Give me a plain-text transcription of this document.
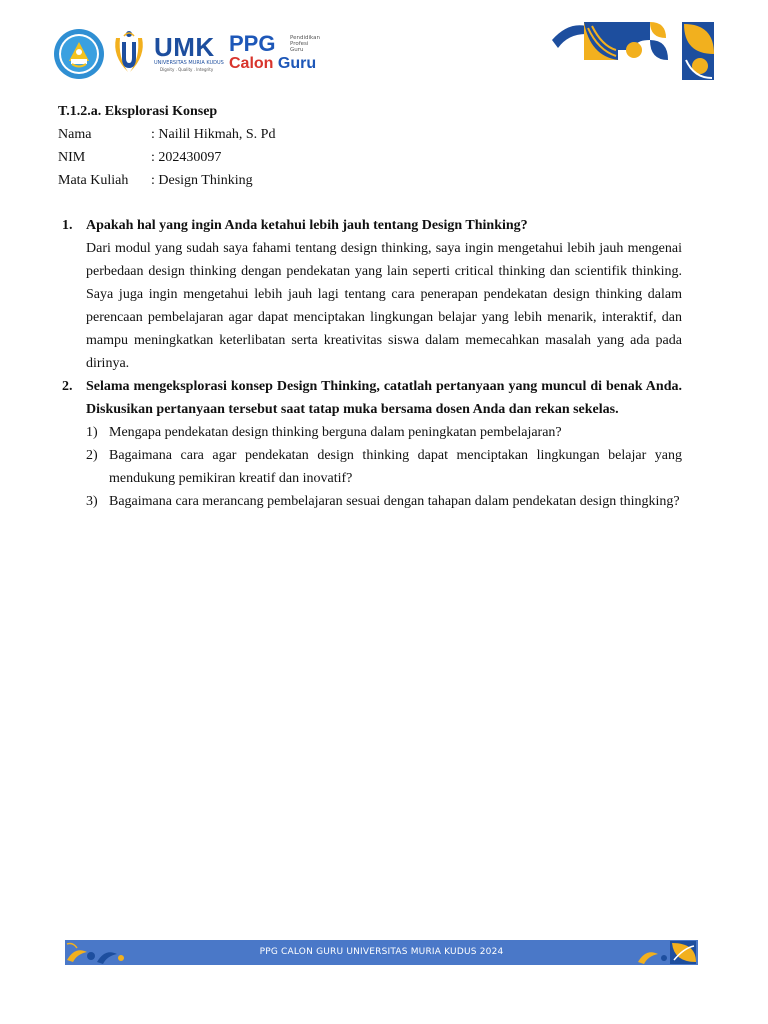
UMK
UNIVERSITAS MURIA KUDUS
Dignity . Quality . Integrity
PPG	Pendidikan
Profesi
Guru
Calon Guru
T.1.2.a. Eksplorasi Konsep
Nama	: Nailil Hikmah, S. Pd
NIM	: 202430097
Mata Kuliah	: Design Thinking
1. Apakah hal yang ingin Anda ketahui lebih jauh tentang Design Thinking?
Dari modul yang sudah saya fahami tentang design thinking, saya ingin mengetahui lebih jauh mengenai perbedaan design thinking dengan pendekatan yang lain seperti critical thinking dan scientifik thinking. Saya juga ingin mengetahui lebih jauh lagi tentang cara penerapan pendekatan design thinking dalam perencaan pembelajaran agar dapat menciptakan lingkungan belajar yang lebih menarik, interaktif, dan mampu meningkatkan keterlibatan serta kreativitas siswa dalam memecahkan masalah yang ada pada dirinya.
2. Selama mengeksplorasi konsep Design Thinking, catatlah pertanyaan yang muncul di benak Anda. Diskusikan pertanyaan tersebut saat tatap muka bersama dosen Anda dan rekan sekelas.
1) Mengapa pendekatan design thinking berguna dalam peningkatan pembelajaran?
2) Bagaimana cara agar pendekatan design thinking dapat menciptakan lingkungan belajar yang mendukung pemikiran kreatif dan inovatif?
3) Bagaimana cara merancang pembelajaran sesuai dengan tahapan dalam pendekatan design thingking?
PPG CALON GURU UNIVERSITAS MURIA KUDUS 2024
